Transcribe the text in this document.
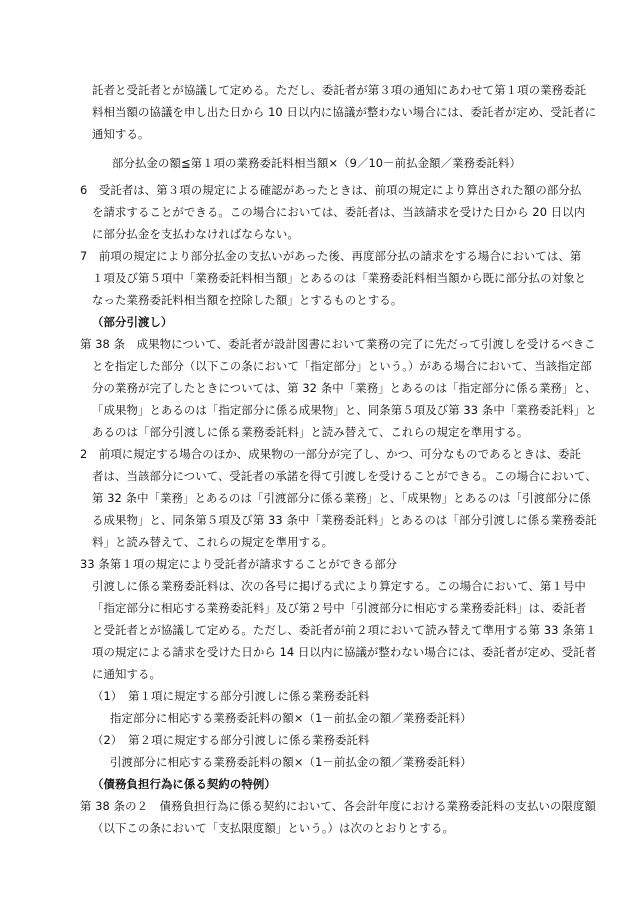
託者と受託者とが協議して定める。ただし、委託者が第３項の通知にあわせて第１項の業務委託

料相当額の協議を申し出た日から 10 日以内に協議が整わない場合には、委託者が定め、受託者に

通知する。

部分払金の額≦第１項の業務委託料相当額×（9／10－前払金額／業務委託料）

6　受託者は、第３項の規定による確認があったときは、前項の規定により算出された額の部分払

を請求することができる。この場合においては、委託者は、当該請求を受けた日から 20 日以内

に部分払金を支払わなければならない。

7　前項の規定により部分払金の支払いがあった後、再度部分払の請求をする場合においては、第

１項及び第５項中「業務委託料相当額」とあるのは「業務委託料相当額から既に部分払の対象と

なった業務委託料相当額を控除した額」とするものとする。

（部分引渡し）

第 38 条　成果物について、委託者が設計図書において業務の完了に先だって引渡しを受けるべきこ

とを指定した部分（以下この条において「指定部分」という。）がある場合において、当該指定部

分の業務が完了したときについては、第 32 条中「業務」とあるのは「指定部分に係る業務」と、

「成果物」とあるのは「指定部分に係る成果物」と、同条第５項及び第 33 条中「業務委託料」と

あるのは「部分引渡しに係る業務委託料」と読み替えて、これらの規定を準用する。

2　前項に規定する場合のほか、成果物の一部分が完了し、かつ、可分なものであるときは、委託

者は、当該部分について、受託者の承諾を得て引渡しを受けることができる。この場合において、

第 32 条中「業務」とあるのは「引渡部分に係る業務」と、「成果物」とあるのは「引渡部分に係

る成果物」と、同条第５項及び第 33 条中「業務委託料」とあるのは「部分引渡しに係る業務委託

料」と読み替えて、これらの規定を準用する。

33 条第１項の規定により受託者が請求することができる部分

引渡しに係る業務委託料は、次の各号に掲げる式により算定する。この場合において、第１号中

「指定部分に相応する業務委託料」及び第２号中「引渡部分に相応する業務委託料」は、委託者

と受託者とが協議して定める。ただし、委託者が前２項において読み替えて準用する第 33 条第１

項の規定による請求を受けた日から 14 日以内に協議が整わない場合には、委託者が定め、受託者

に通知する。

（1）　第１項に規定する部分引渡しに係る業務委託料

指定部分に相応する業務委託料の額×（1－前払金の額／業務委託料）

（2）　第２項に規定する部分引渡しに係る業務委託料

引渡部分に相応する業務委託料の額×（1－前払金の額／業務委託料）

（債務負担行為に係る契約の特例）

第 38 条の２　債務負担行為に係る契約において、各会計年度における業務委託料の支払いの限度額

（以下この条において「支払限度額」という。）は次のとおりとする。
